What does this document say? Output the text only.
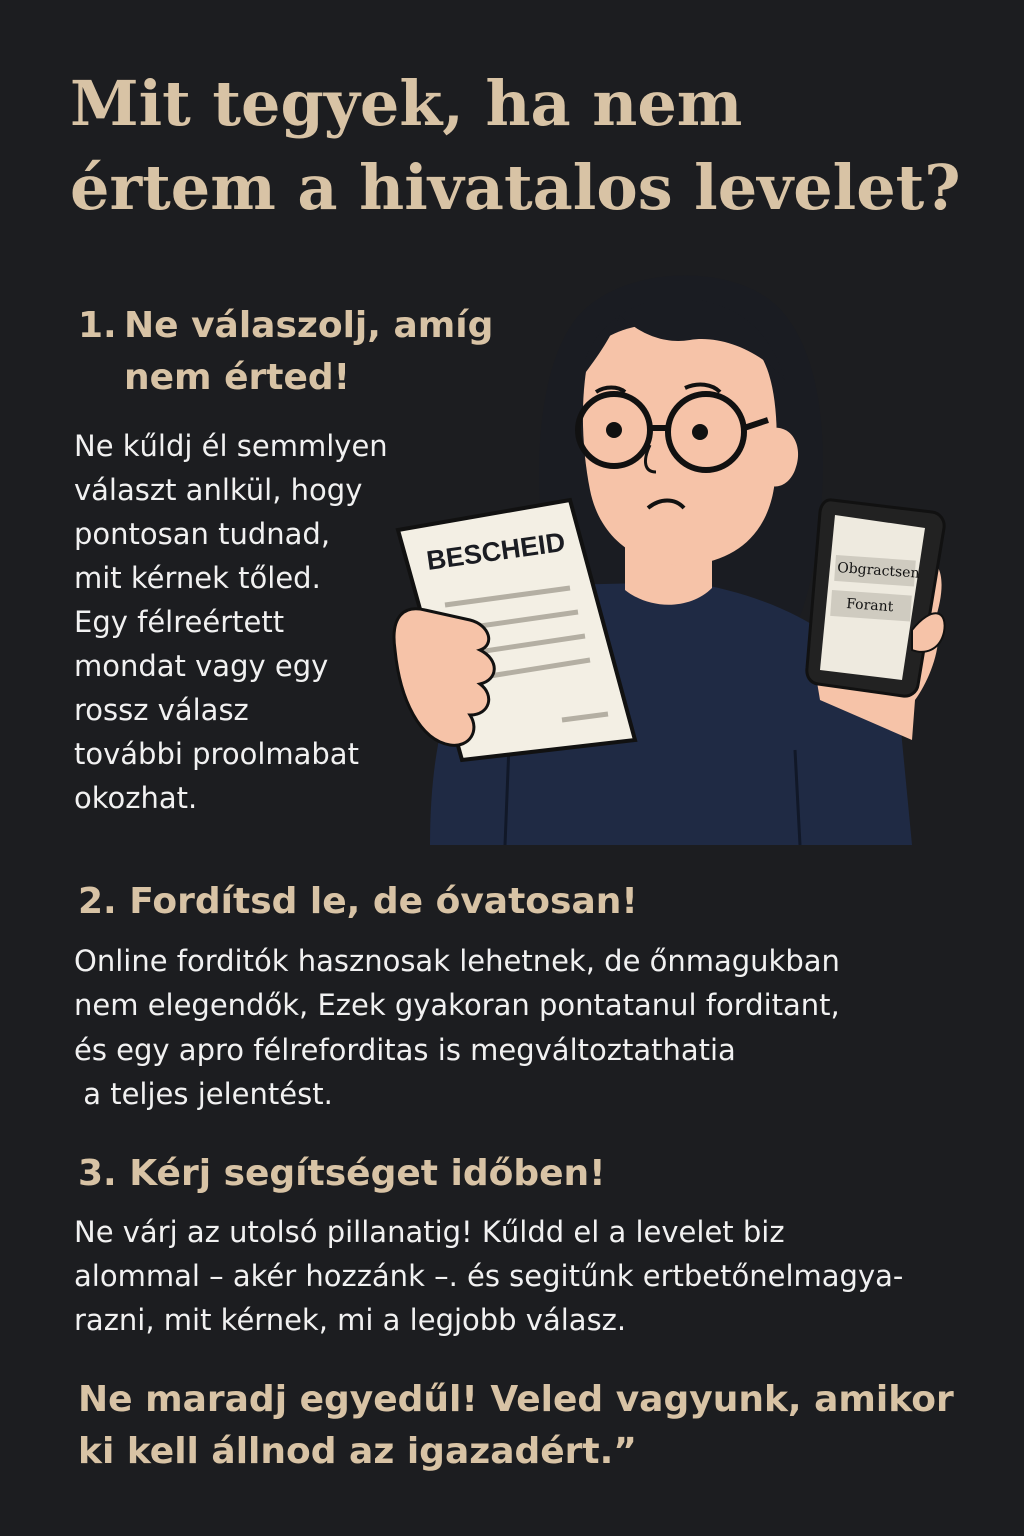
Mit tegyek, ha nem
értem a hivatalos levelet?
1. Ne válaszolj, amíg
nem érted!

Ne kűldj él semmlyen
választ anlkül, hogy
pontosan tudnad,
mit kérnek tőled.
Egy félreértett
mondat vagy egy
rossz válasz
további proolmabat
okozhat.

BESCHEID	Obgractsen
Forant
2. Fordítsd le, de óvatosan!

Online forditók hasznosak lehetnek, de őnmagukban
nem elegendők, Ezek gyakoran pontatanul forditant,
és egy apro félreforditas is megváltoztathatia
a teljes jelentést.

3. Kérj segítséget időben!

Ne várj az utolsó pillanatig! Kűldd el a levelet biz
alommal – akér hozzánk –. és segitűnk ertbetőnelmagya-
razni, mit kérnek, mi a legjobb válasz.

Ne maradj egyedűl! Veled vagyunk, amikor
ki kell állnod az igazadért.”
